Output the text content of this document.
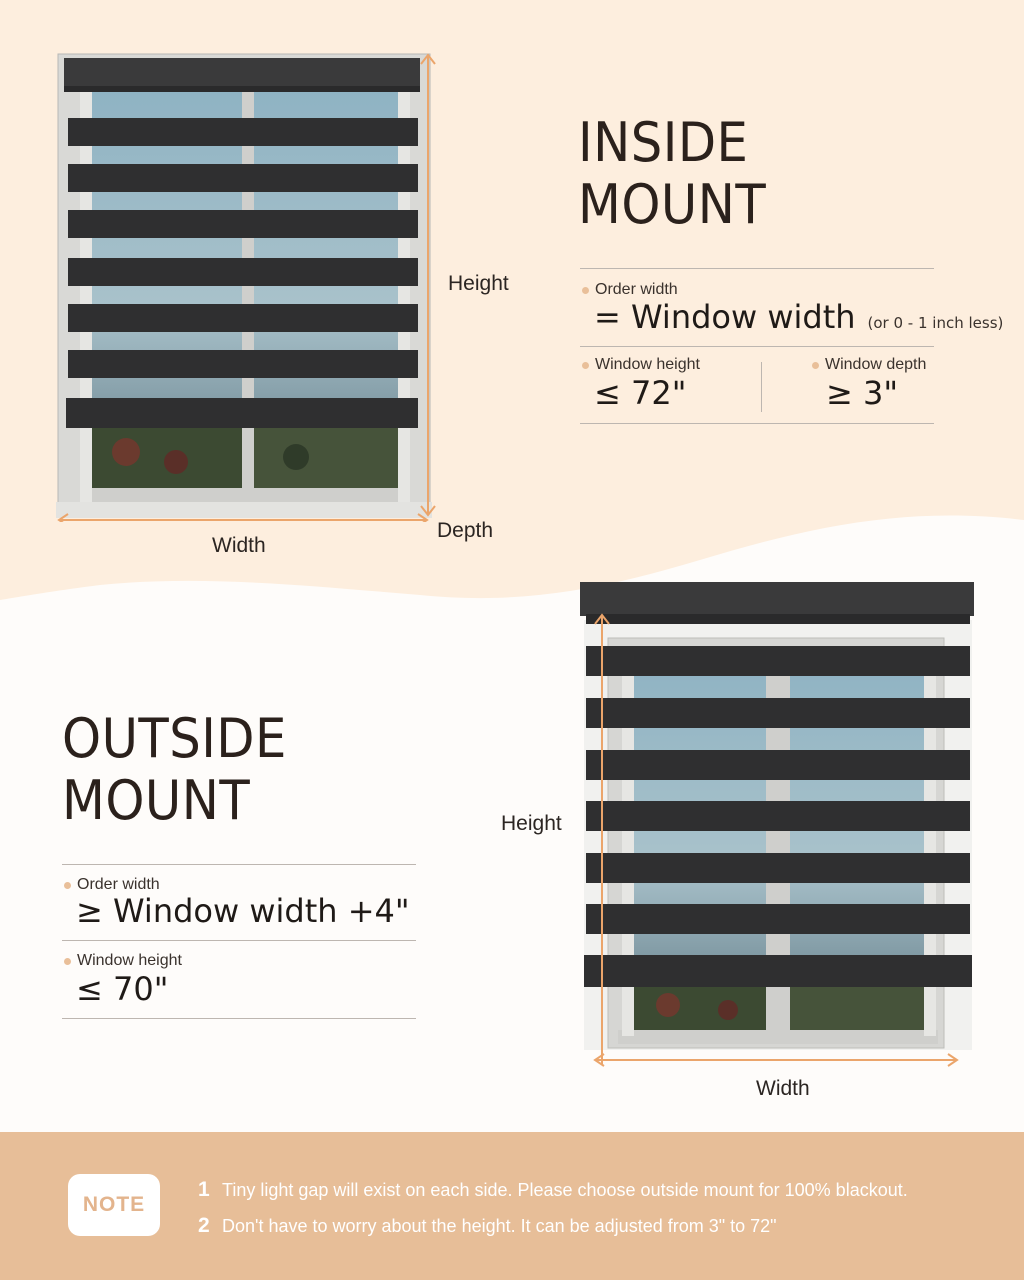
Height
Width
Depth
INSIDE
MOUNT
Order width
= Window width (or 0 - 1 inch less)
Window height
≤ 72"
Window depth
≥ 3"
OUTSIDE
MOUNT
Order width
≥ Window width +4"
Window height
≤ 70"
Height
Width
NOTE
1 Tiny light gap will exist on each side. Please choose outside mount for 100% blackout.
2 Don't have to worry about the height. It can be adjusted from 3" to 72"
